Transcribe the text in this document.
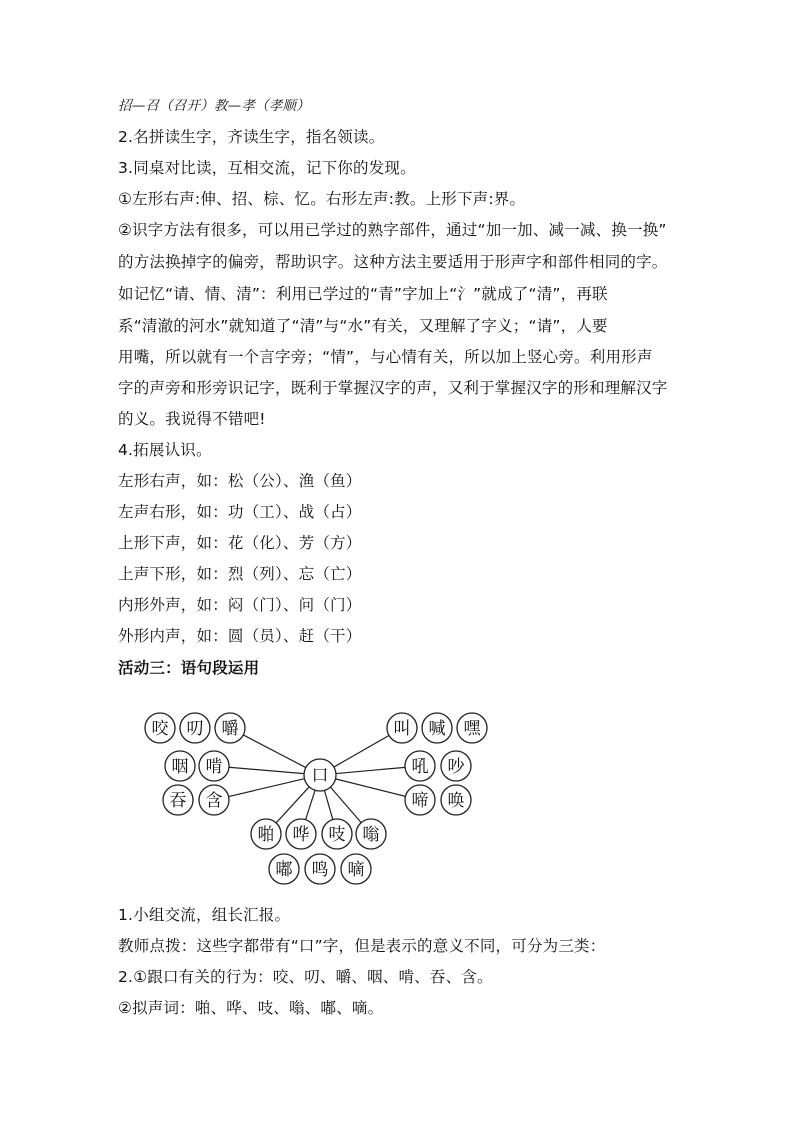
招—召（召开）教—孝（孝顺）
2.名拼读生字，齐读生字，指名领读。
3.同桌对比读，互相交流，记下你的发现。
①左形右声:伸、招、棕、忆。右形左声:教。上形下声:界。
②识字方法有很多，可以用已学过的熟字部件，通过“加一加、减一减、换一换”
的方法换掉字的偏旁，帮助识字。这种方法主要适用于形声字和部件相同的字。
如记忆“请、情、清”：利用已学过的“青”字加上“氵”就成了“清”，再联
系“清澈的河水”就知道了“清”与“水”有关，又理解了字义；“请”，人要
用嘴，所以就有一个言字旁；“情”，与心情有关，所以加上竖心旁。利用形声
字的声旁和形旁识记字，既利于掌握汉字的声，又利于掌握汉字的形和理解汉字
的义。我说得不错吧!
4.拓展认识。
左形右声，如：松（公）、渔（鱼）
左声右形，如：功（工）、战（占）
上形下声，如：花（化）、芳（方）
上声下形，如：烈（列）、忘（亡）
内形外声，如：闷（门）、问（门）
外形内声，如：圆（员）、赶（干）
活动三：语句段运用
咬 叨 嚼
咽 啃
吞 含
叫 喊 嘿
吼 吵
啼 唤
啪 哗 吱 嗡
嘟 鸣 嘀
口
1.小组交流，组长汇报。
教师点拨：这些字都带有“口”字，但是表示的意义不同，可分为三类：
2.①跟口有关的行为：咬、叨、嚼、咽、啃、吞、含。
②拟声词：啪、哗、吱、嗡、嘟、嘀。
